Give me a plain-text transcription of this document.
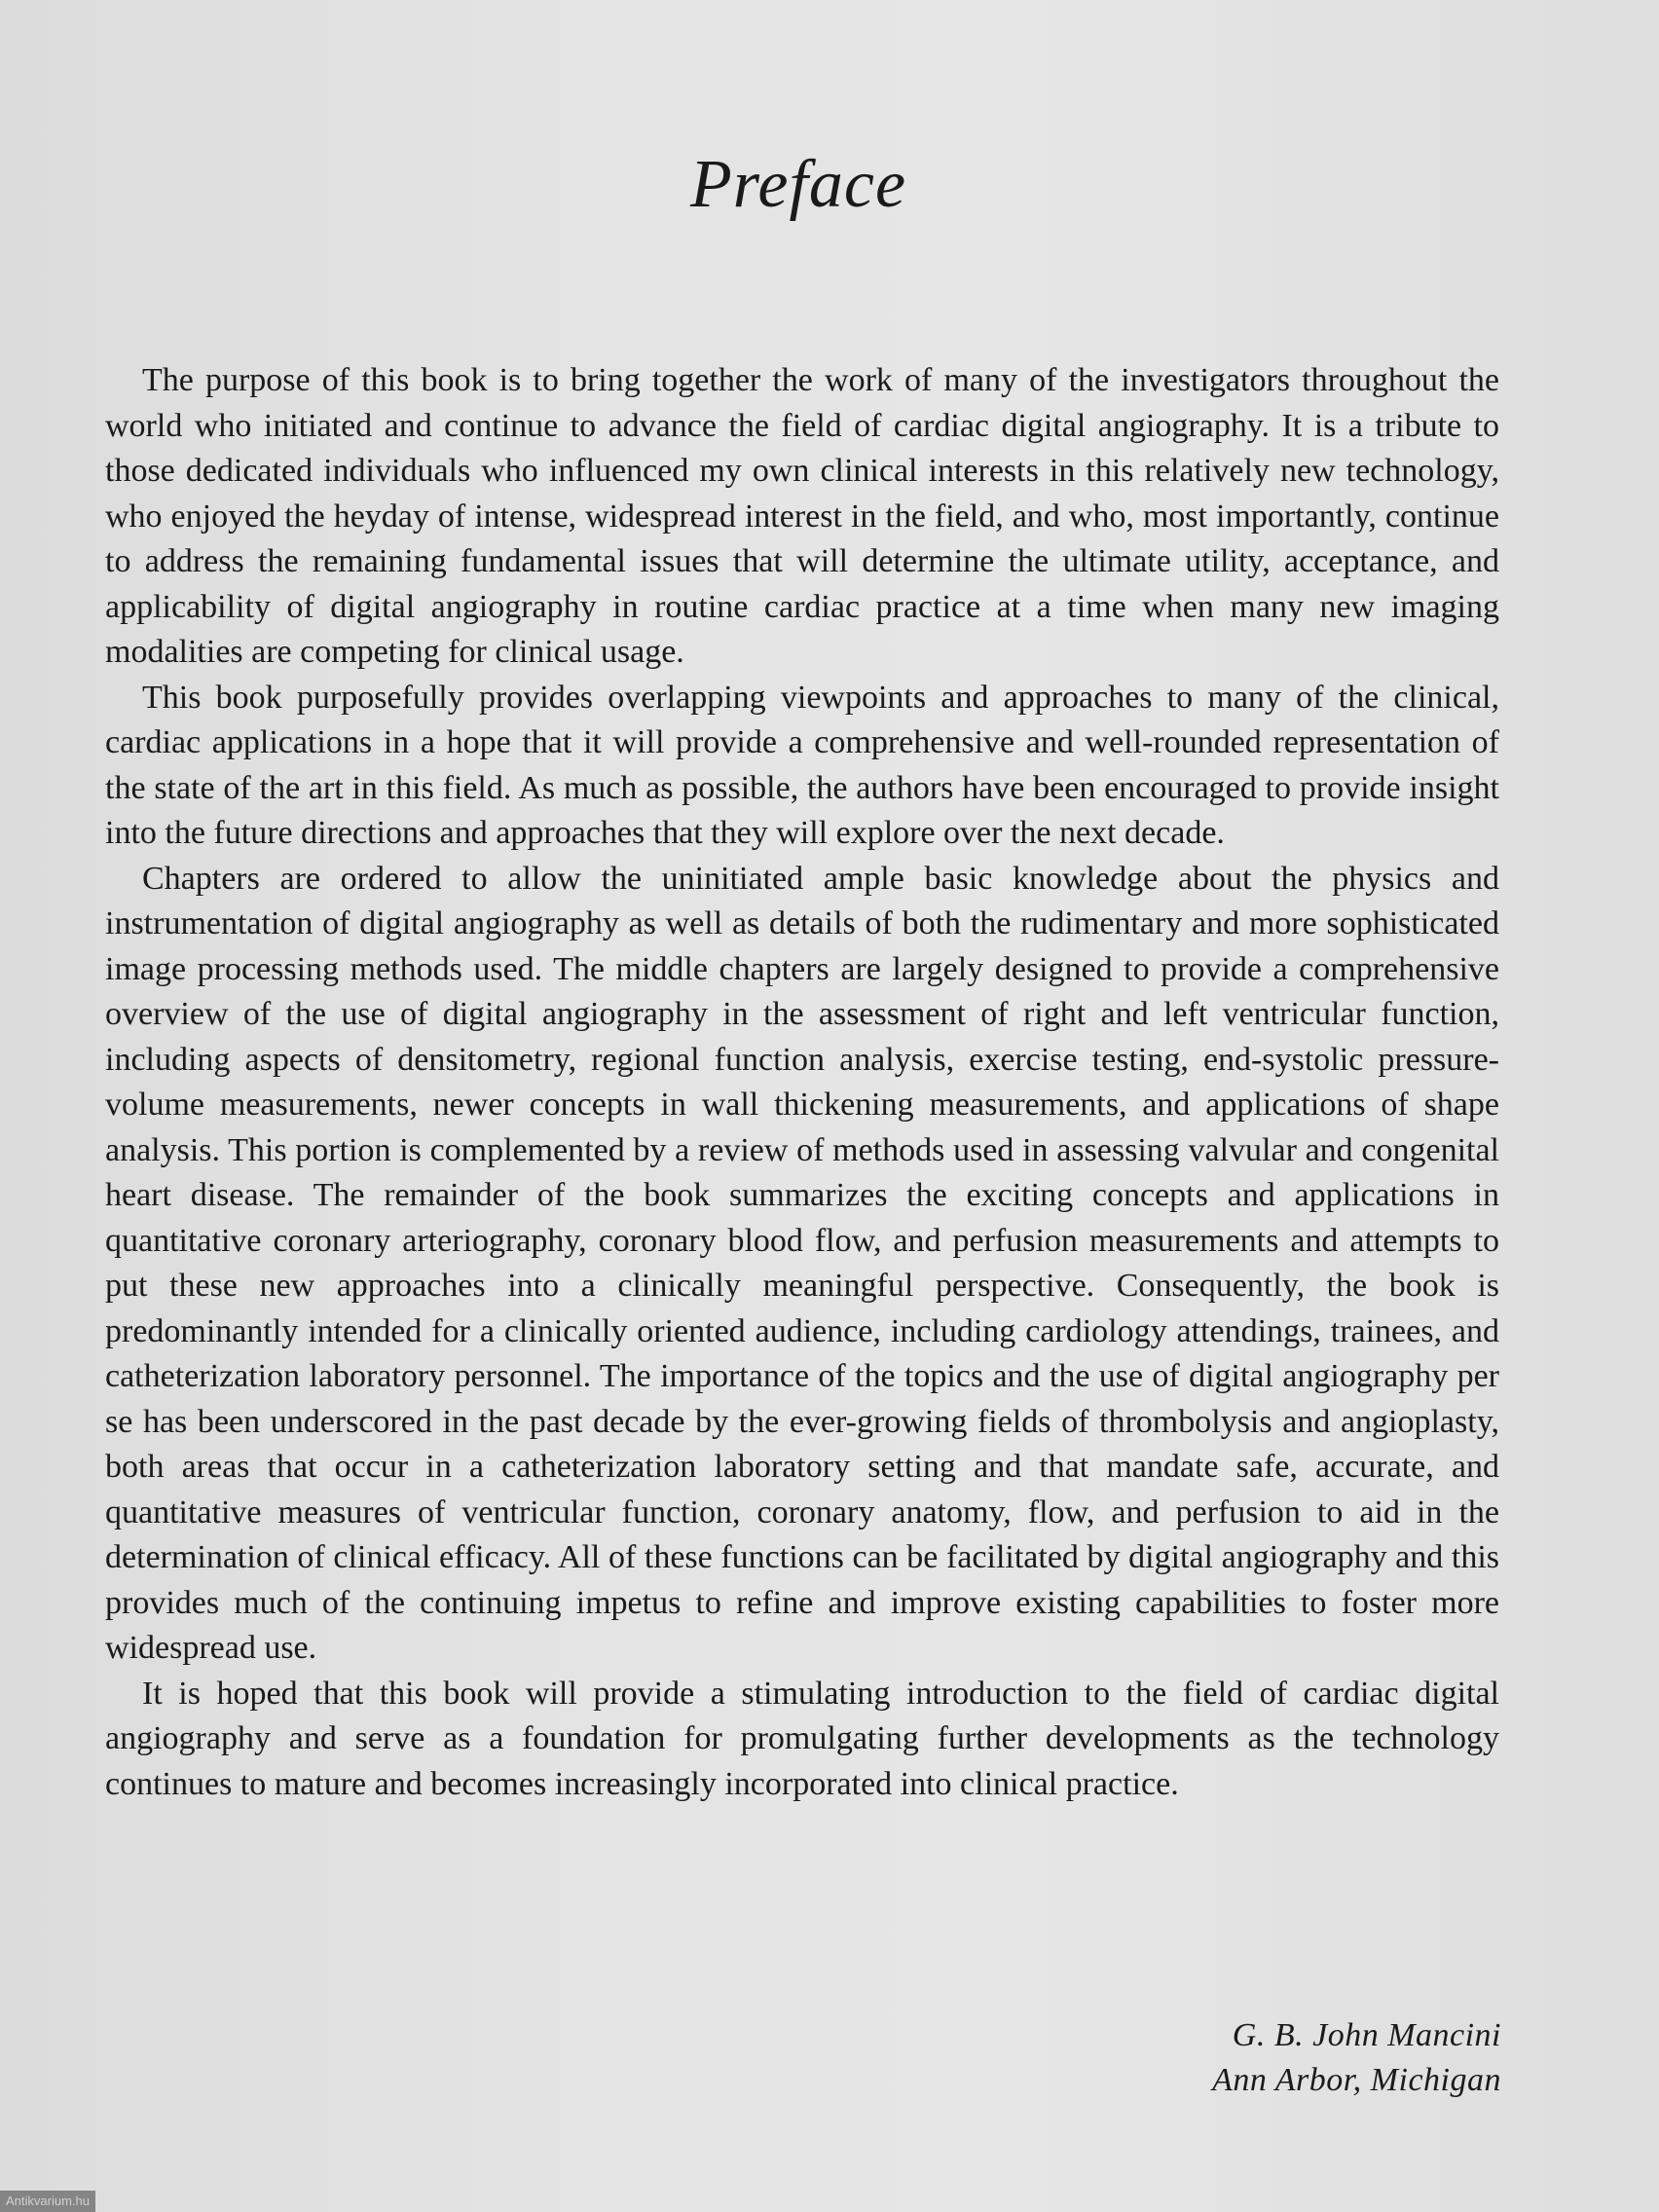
Preface

The purpose of this book is to bring together the work of many of the investigators throughout the world who initiated and continue to advance the field of cardiac digital angiography. It is a tribute to those dedicated individuals who influenced my own clinical interests in this relatively new technology, who enjoyed the heyday of intense, widespread interest in the field, and who, most importantly, continue to address the remaining fundamental issues that will determine the ultimate utility, acceptance, and applicability of digital angiography in routine cardiac practice at a time when many new imaging modalities are competing for clinical usage.

This book purposefully provides overlapping viewpoints and approaches to many of the clinical, cardiac applications in a hope that it will provide a comprehensive and well-rounded representation of the state of the art in this field. As much as possible, the authors have been encouraged to provide insight into the future directions and approaches that they will explore over the next decade.

Chapters are ordered to allow the uninitiated ample basic knowledge about the physics and instrumentation of digital angiography as well as details of both the rudimentary and more sophisticated image processing methods used. The middle chapters are largely designed to provide a comprehensive overview of the use of digital angiography in the assessment of right and left ventricular function, including aspects of densitometry, regional function analysis, exercise testing, end-systolic pressure-volume measurements, newer concepts in wall thickening measurements, and applications of shape analysis. This portion is complemented by a review of methods used in assessing valvular and congenital heart disease. The remainder of the book summarizes the exciting concepts and applications in quantitative coronary arteriography, coronary blood flow, and perfusion measurements and attempts to put these new approaches into a clinically meaningful perspective. Consequently, the book is predominantly intended for a clinically oriented audience, including cardiology attendings, trainees, and catheterization laboratory personnel. The importance of the topics and the use of digital angiography per se has been underscored in the past decade by the ever-growing fields of thrombolysis and angioplasty, both areas that occur in a catheterization laboratory setting and that mandate safe, accurate, and quantitative measures of ventricular function, coronary anatomy, flow, and perfusion to aid in the determination of clinical efficacy. All of these functions can be facilitated by digital angiography and this provides much of the continuing impetus to refine and improve existing capabilities to foster more widespread use.

It is hoped that this book will provide a stimulating introduction to the field of cardiac digital angiography and serve as a foundation for promulgating further developments as the technology continues to mature and becomes increasingly incorporated into clinical practice.

G. B. John Mancini
Ann Arbor, Michigan
Antikvarium.hu
